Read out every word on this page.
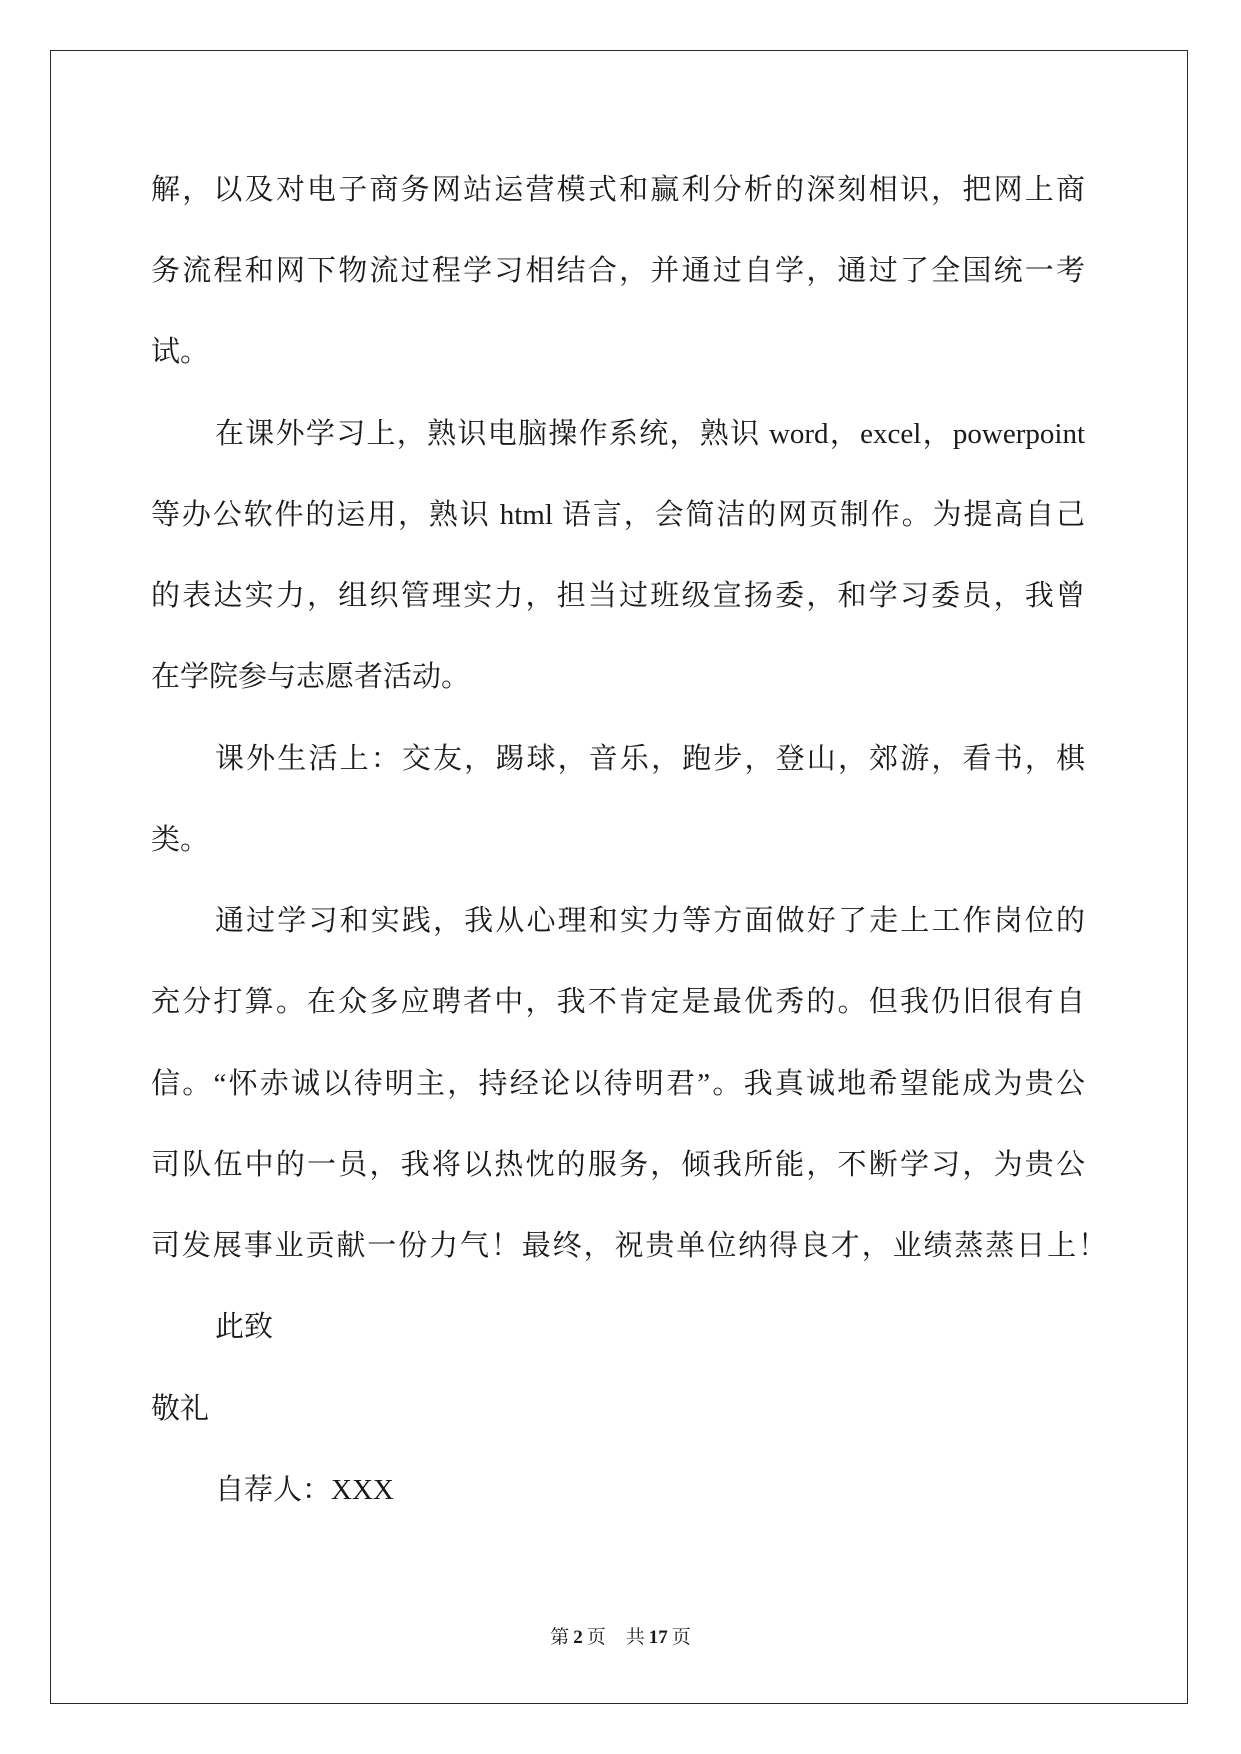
解，以及对电子商务网站运营模式和赢利分析的深刻相识，把网上商
务流程和网下物流过程学习相结合，并通过自学，通过了全国统一考
试。
在课外学习上，熟识电脑操作系统，熟识 word，excel，powerpoint
等办公软件的运用，熟识 html 语言，会简洁的网页制作。为提高自己
的表达实力，组织管理实力，担当过班级宣扬委，和学习委员，我曾
在学院参与志愿者活动。
课外生活上：交友，踢球，音乐，跑步，登山，郊游，看书，棋
类。
通过学习和实践，我从心理和实力等方面做好了走上工作岗位的
充分打算。在众多应聘者中，我不肯定是最优秀的。但我仍旧很有自
信。“怀赤诚以待明主，持经论以待明君”。我真诚地希望能成为贵公
司队伍中的一员，我将以热忱的服务，倾我所能，不断学习，为贵公
司发展事业贡献一份力气！最终，祝贵单位纳得良才，业绩蒸蒸日上！
此致
敬礼
自荐人：XXX
第 2 页 共 17 页
